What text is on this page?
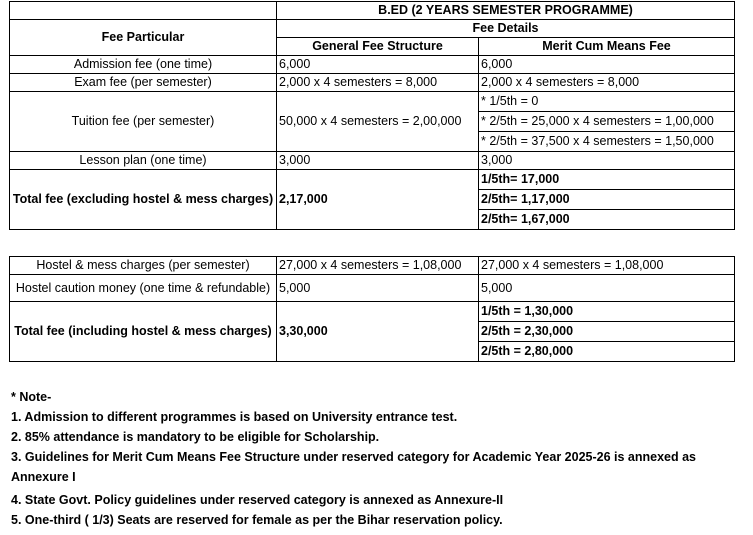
	B.ED (2 YEARS SEMESTER PROGRAMME)	
Fee Particular	Fee Details	
	General Fee Structure	Merit Cum Means Fee
Admission fee (one time)	6,000	6,000
Exam fee (per semester)	2,000 x 4 semesters = 8,000	2,000 x 4 semesters = 8,000
Tuition fee (per semester)	50,000 x 4 semesters = 2,00,000	* 1/5th = 0
* 2/5th = 25,000 x 4 semesters = 1,00,000
* 2/5th = 37,500 x 4 semesters = 1,50,000

Lesson plan (one time)	3,000	3,000
Total fee (excluding hostel & mess charges)	2,17,000	1/5th= 17,000
2/5th= 1,17,000
2/5th= 1,67,000
Hostel & mess charges (per semester)	27,000 x 4 semesters = 1,08,000	27,000 x 4 semesters = 1,08,000
Hostel caution money (one time & refundable)	5,000	5,000
Total fee (including hostel & mess charges)	3,30,000	1/5th = 1,30,000
2/5th = 2,30,000
2/5th = 2,80,000
* Note-
1. Admission to different programmes is based on University entrance test.
2. 85% attendance is mandatory to be eligible for Scholarship.
3. Guidelines for Merit Cum Means Fee Structure under reserved category for Academic Year 2025-26 is annexed as
Annexure I
4. State Govt. Policy guidelines under reserved category is annexed as Annexure-II
5. One-third ( 1/3) Seats are reserved for female as per the Bihar reservation policy.
